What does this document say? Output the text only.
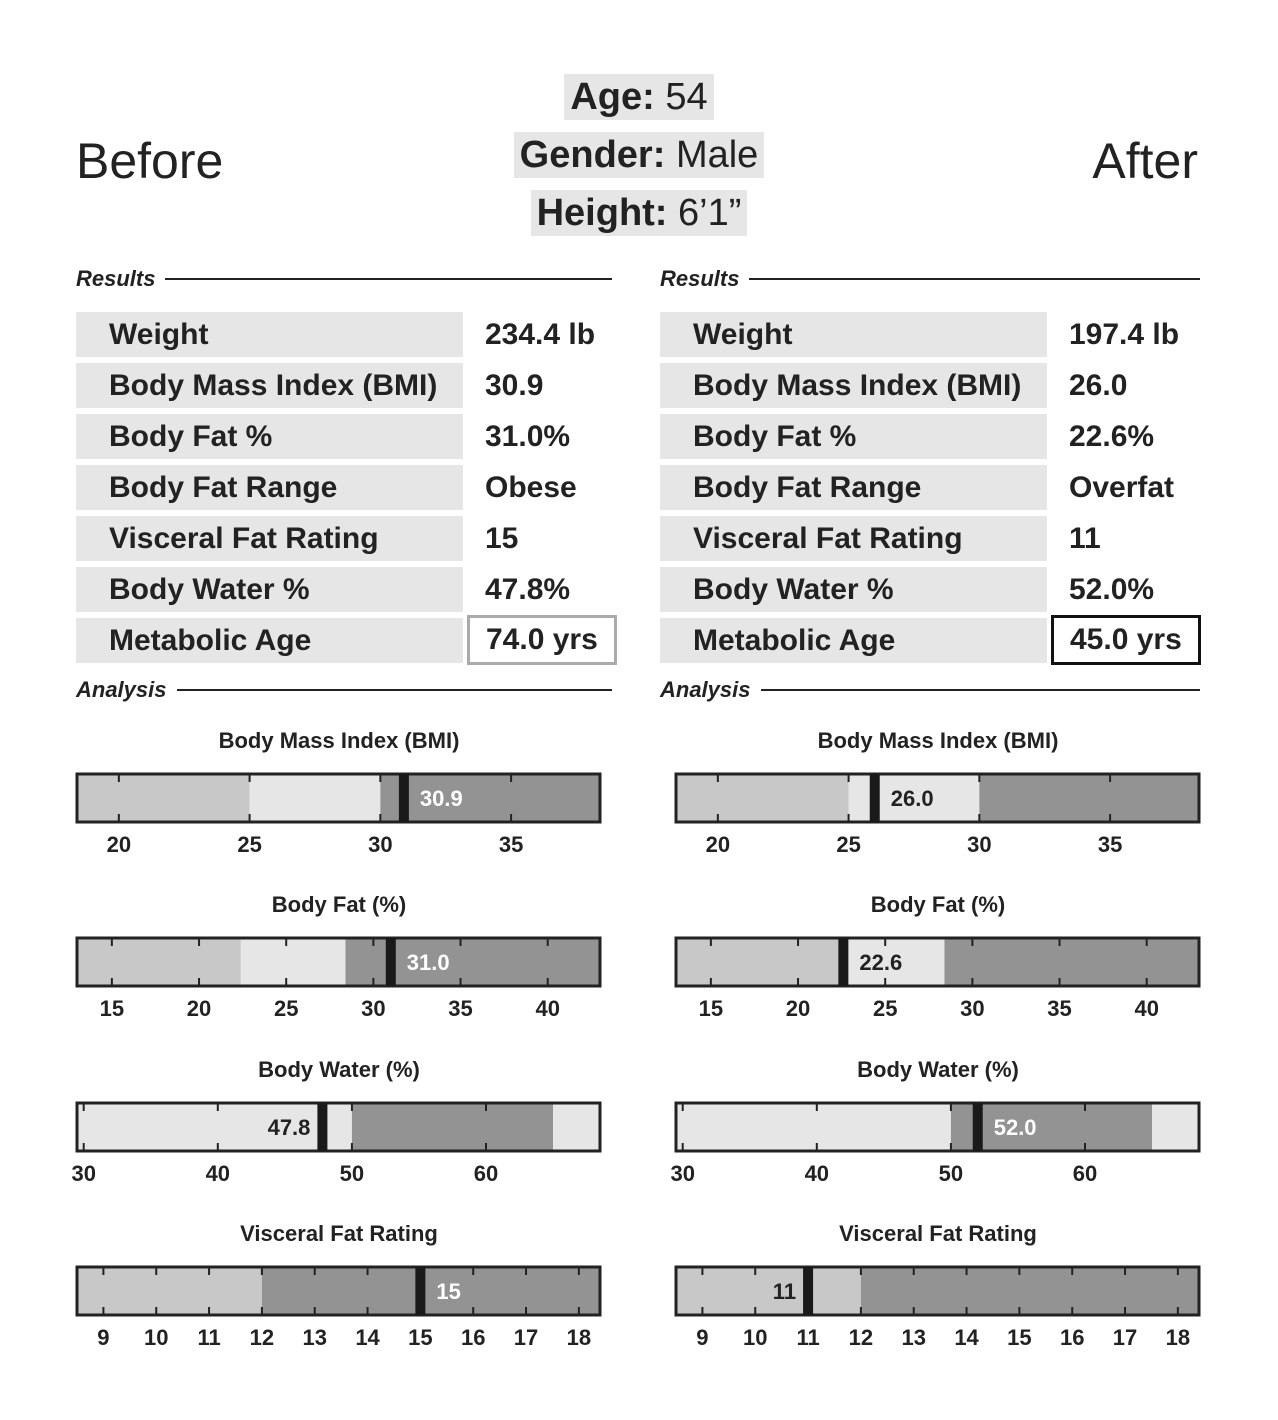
Before	After
Age: 54
Gender: Male
Height: 6’1”
Results
Weight	234.4 lb
Body Mass Index (BMI)	30.9
Body Fat %	31.0%
Body Fat Range	Obese
Visceral Fat Rating	15
Body Water %	47.8%
Metabolic Age	74.0 yrs
Analysis
Results
Weight	197.4 lb
Body Mass Index (BMI)	26.0
Body Fat %	22.6%
Body Fat Range	Overfat
Visceral Fat Rating	11
Body Water %	52.0%
Metabolic Age	45.0 yrs
Analysis
Body Mass Index (BMI)
Body Fat (%)
Body Water (%)
Visceral Fat Rating
Body Mass Index (BMI)
Body Fat (%)
Body Water (%)
Visceral Fat Rating
30.9
20	25	30	35
31.0
15	20	25	30	35	40
47.8
30	40	50	60
15
9 10 11 12 13 14 15 16 17 18
26.0
20	25	30	35
22.6
15	20	25	30	35	40
52.0
30	40	50	60
11
9 10 11 12 13 14 15 16 17 18
